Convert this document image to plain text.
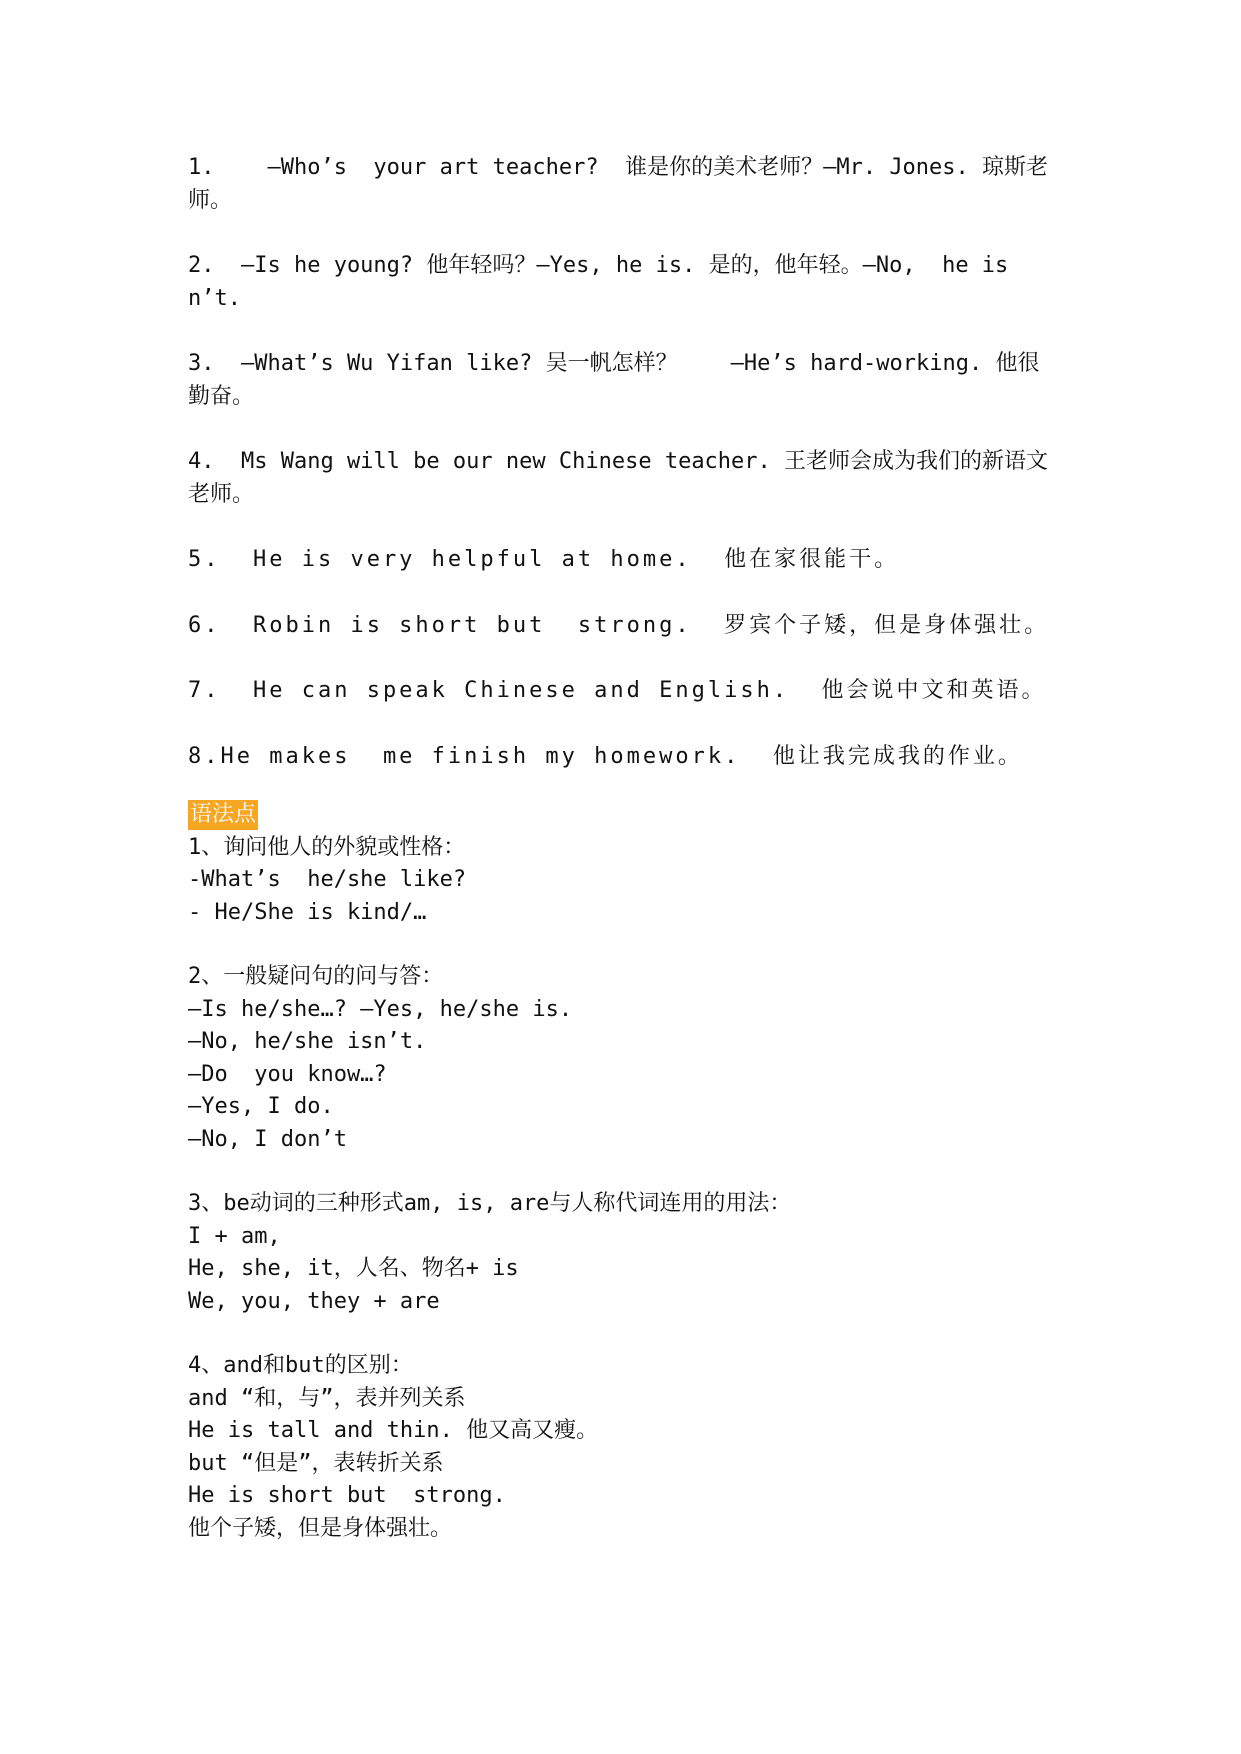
1.    —Who’s  your art teacher?  谁是你的美术老师？—Mr. Jones. 琼斯老师。
2.  —Is he young? 他年轻吗？—Yes, he is. 是的，他年轻。—No,  he isn’t.
3.  —What’s Wu Yifan like? 吴一帆怎样？    —He’s hard-working. 他很勤奋。
4.  Ms Wang will be our new Chinese teacher. 王老师会成为我们的新语文老师。
5.  He is very helpful at home.  他在家很能干。
6.  Robin is short but  strong.  罗宾个子矮，但是身体强壮。
7.  He can speak Chinese and English.  他会说中文和英语。
8.He makes  me finish my homework.  他让我完成我的作业。
语法点
1、询问他人的外貌或性格：
-What’s  he/she like?
- He/She is kind/…
2、一般疑问句的问与答：
—Is he/she…? —Yes, he/she is.
—No, he/she isn’t.
—Do  you know…?
—Yes, I do.
—No, I don’t
3、be动词的三种形式am, is, are与人称代词连用的用法：
I + am,
He, she, it，人名、物名+ is
We, you, they + are
4、and和but的区别：
and “和，与”，表并列关系
He is tall and thin. 他又高又瘦。
but “但是”，表转折关系
He is short but  strong.
他个子矮，但是身体强壮。
